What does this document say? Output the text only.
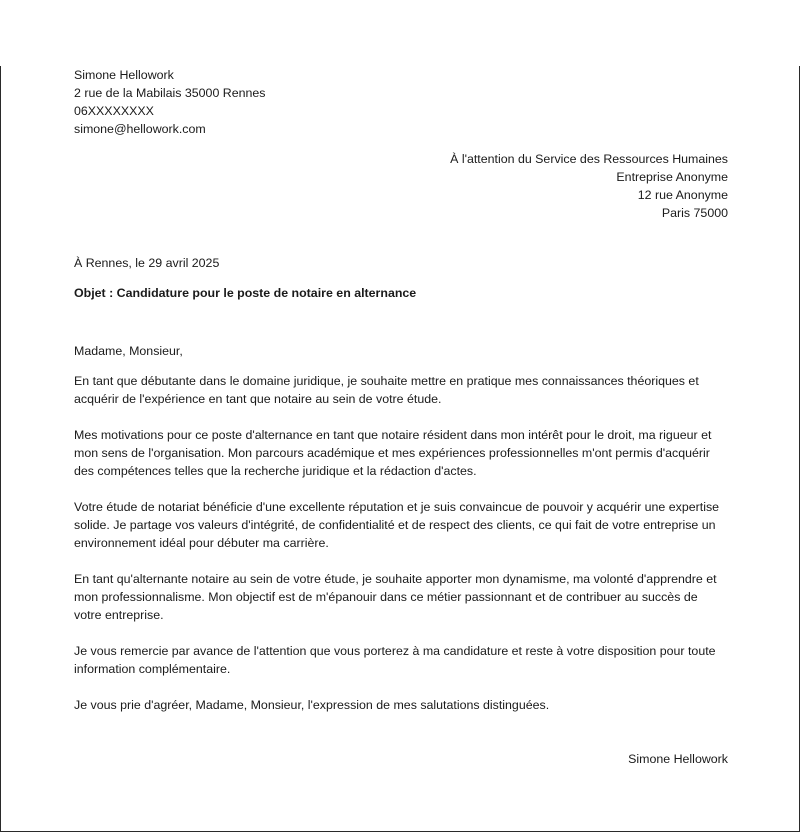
Simone Hellowork

2 rue de la Mabilais 35000 Rennes

06XXXXXXXX

simone@hellowork.com

À l'attention du Service des Ressources Humaines

Entreprise Anonyme

12 rue Anonyme

Paris 75000

À Rennes, le 29 avril 2025

Objet : Candidature pour le poste de notaire en alternance

Madame, Monsieur,

En tant que débutante dans le domaine juridique, je souhaite mettre en pratique mes connaissances théoriques et acquérir de l'expérience en tant que notaire au sein de votre étude.

Mes motivations pour ce poste d'alternance en tant que notaire résident dans mon intérêt pour le droit, ma rigueur et mon sens de l'organisation. Mon parcours académique et mes expériences professionnelles m'ont permis d'acquérir des compétences telles que la recherche juridique et la rédaction d'actes.

Votre étude de notariat bénéficie d'une excellente réputation et je suis convaincue de pouvoir y acquérir une expertise solide. Je partage vos valeurs d'intégrité, de confidentialité et de respect des clients, ce qui fait de votre entreprise un environnement idéal pour débuter ma carrière.

En tant qu'alternante notaire au sein de votre étude, je souhaite apporter mon dynamisme, ma volonté d'apprendre et mon professionnalisme. Mon objectif est de m'épanouir dans ce métier passionnant et de contribuer au succès de votre entreprise.

Je vous remercie par avance de l'attention que vous porterez à ma candidature et reste à votre disposition pour toute information complémentaire.

Je vous prie d'agréer, Madame, Monsieur, l'expression de mes salutations distinguées.

Simone Hellowork
